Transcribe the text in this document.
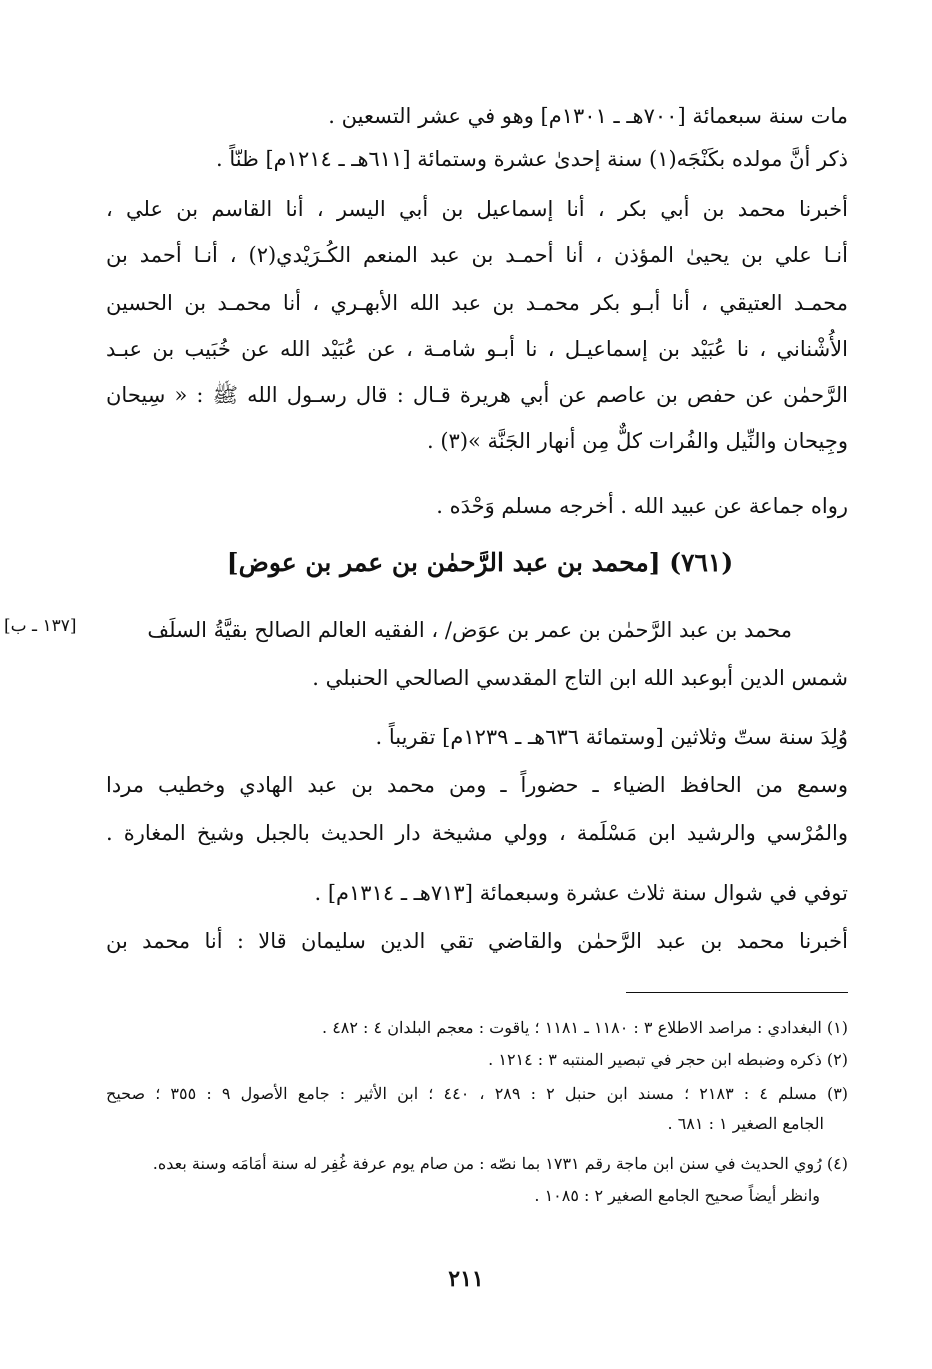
مات سنة سبعمائة [٧٠٠هـ ـ ١٣٠١م] وهو في عشر التسعين .
ذكر أنَّ مولده بكَنْجَه(١) سنة إحدىٰ عشرة وستمائة [٦١١هـ ـ ١٢١٤م] ظنّاً .
أخبرنا محمد بن أبي بكر ، أنا إسماعيل بن أبي اليسر ، أنا القاسم بن علي ،
أنـا علي بن يحيىٰ المؤذن ، أنا أحمـد بن عبد المنعم الكُـرَيْدي(٢) ، أنـا أحمد بن
محمـد العتيقي ، أنا أبـو بكر محمـد بن عبد الله الأبهـري ، أنا محمـد بن الحسين
الأُشْناني ، نا عُبَيْد بن إسماعيـل ، نا أبـو شامـة ، عن عُبَيْد الله عن خُبَيب بن عبـد
الرَّحمٰن عن حفص بن عاصم عن أبي هريرة قـال : قال رسـول الله ﷺ : « سِيحان
وجِيحان والنِّيل والفُرات كلٌّ مِن أنهار الجَنَّة »(٣) .
رواه جماعة عن عبيد الله . أخرجه مسلم وَحْدَه .
(٧٦١) [محمد بن عبد الرَّحمٰن بن عمر بن عوض]
[١٣٧ ـ ب]	محمد بن عبد الرَّحمٰن بن عمر بن عوَض/ ، الفقيه العالم الصالح بقيَّةُ السلَف
شمس الدين أبوعبد الله ابن التاج المقدسي الصالحي الحنبلي .
وُلِدَ سنة ستّ وثلاثين [وستمائة ٦٣٦هـ ـ ١٢٣٩م] تقريباً .
وسمع من الحافظ الضياء ـ حضوراً ـ ومن محمد بن عبد الهادي وخطيب مردا
والمُرْسي والرشيد ابن مَسْلَمة ، وولي مشيخة دار الحديث بالجبل وشيخ المغارة .
توفي في شوال سنة ثلاث عشرة وسبعمائة [٧١٣هـ ـ ١٣١٤م] .
أخبرنا محمد بن عبد الرَّحمٰن والقاضي تقي الدين سليمان قالا : أنا محمد بن
(١) البغدادي : مراصد الاطلاع ٣ : ١١٨٠ ـ ١١٨١ ؛ ياقوت : معجم البلدان ٤ : ٤٨٢ .
(٢) ذكره وضبطه ابن حجر في تبصير المنتبه ٣ : ١٢١٤ .
(٣) مسلم ٤ : ٢١٨٣ ؛ مسند ابن حنبل ٢ : ٢٨٩ ، ٤٤٠ ؛ ابن الأثير : جامع الأصول ٩ : ٣٥٥ ؛ صحيح
الجامع الصغير ١ : ٦٨١ .
(٤) رُوي الحديث في سنن ابن ماجة رقم ١٧٣١ بما نصّه : من صام يوم عرفة غُفِر له سنة أمَامَه وسنة بعده.
وانظر أيضاً صحيح الجامع الصغير ٢ : ١٠٨٥ .
٢١١
